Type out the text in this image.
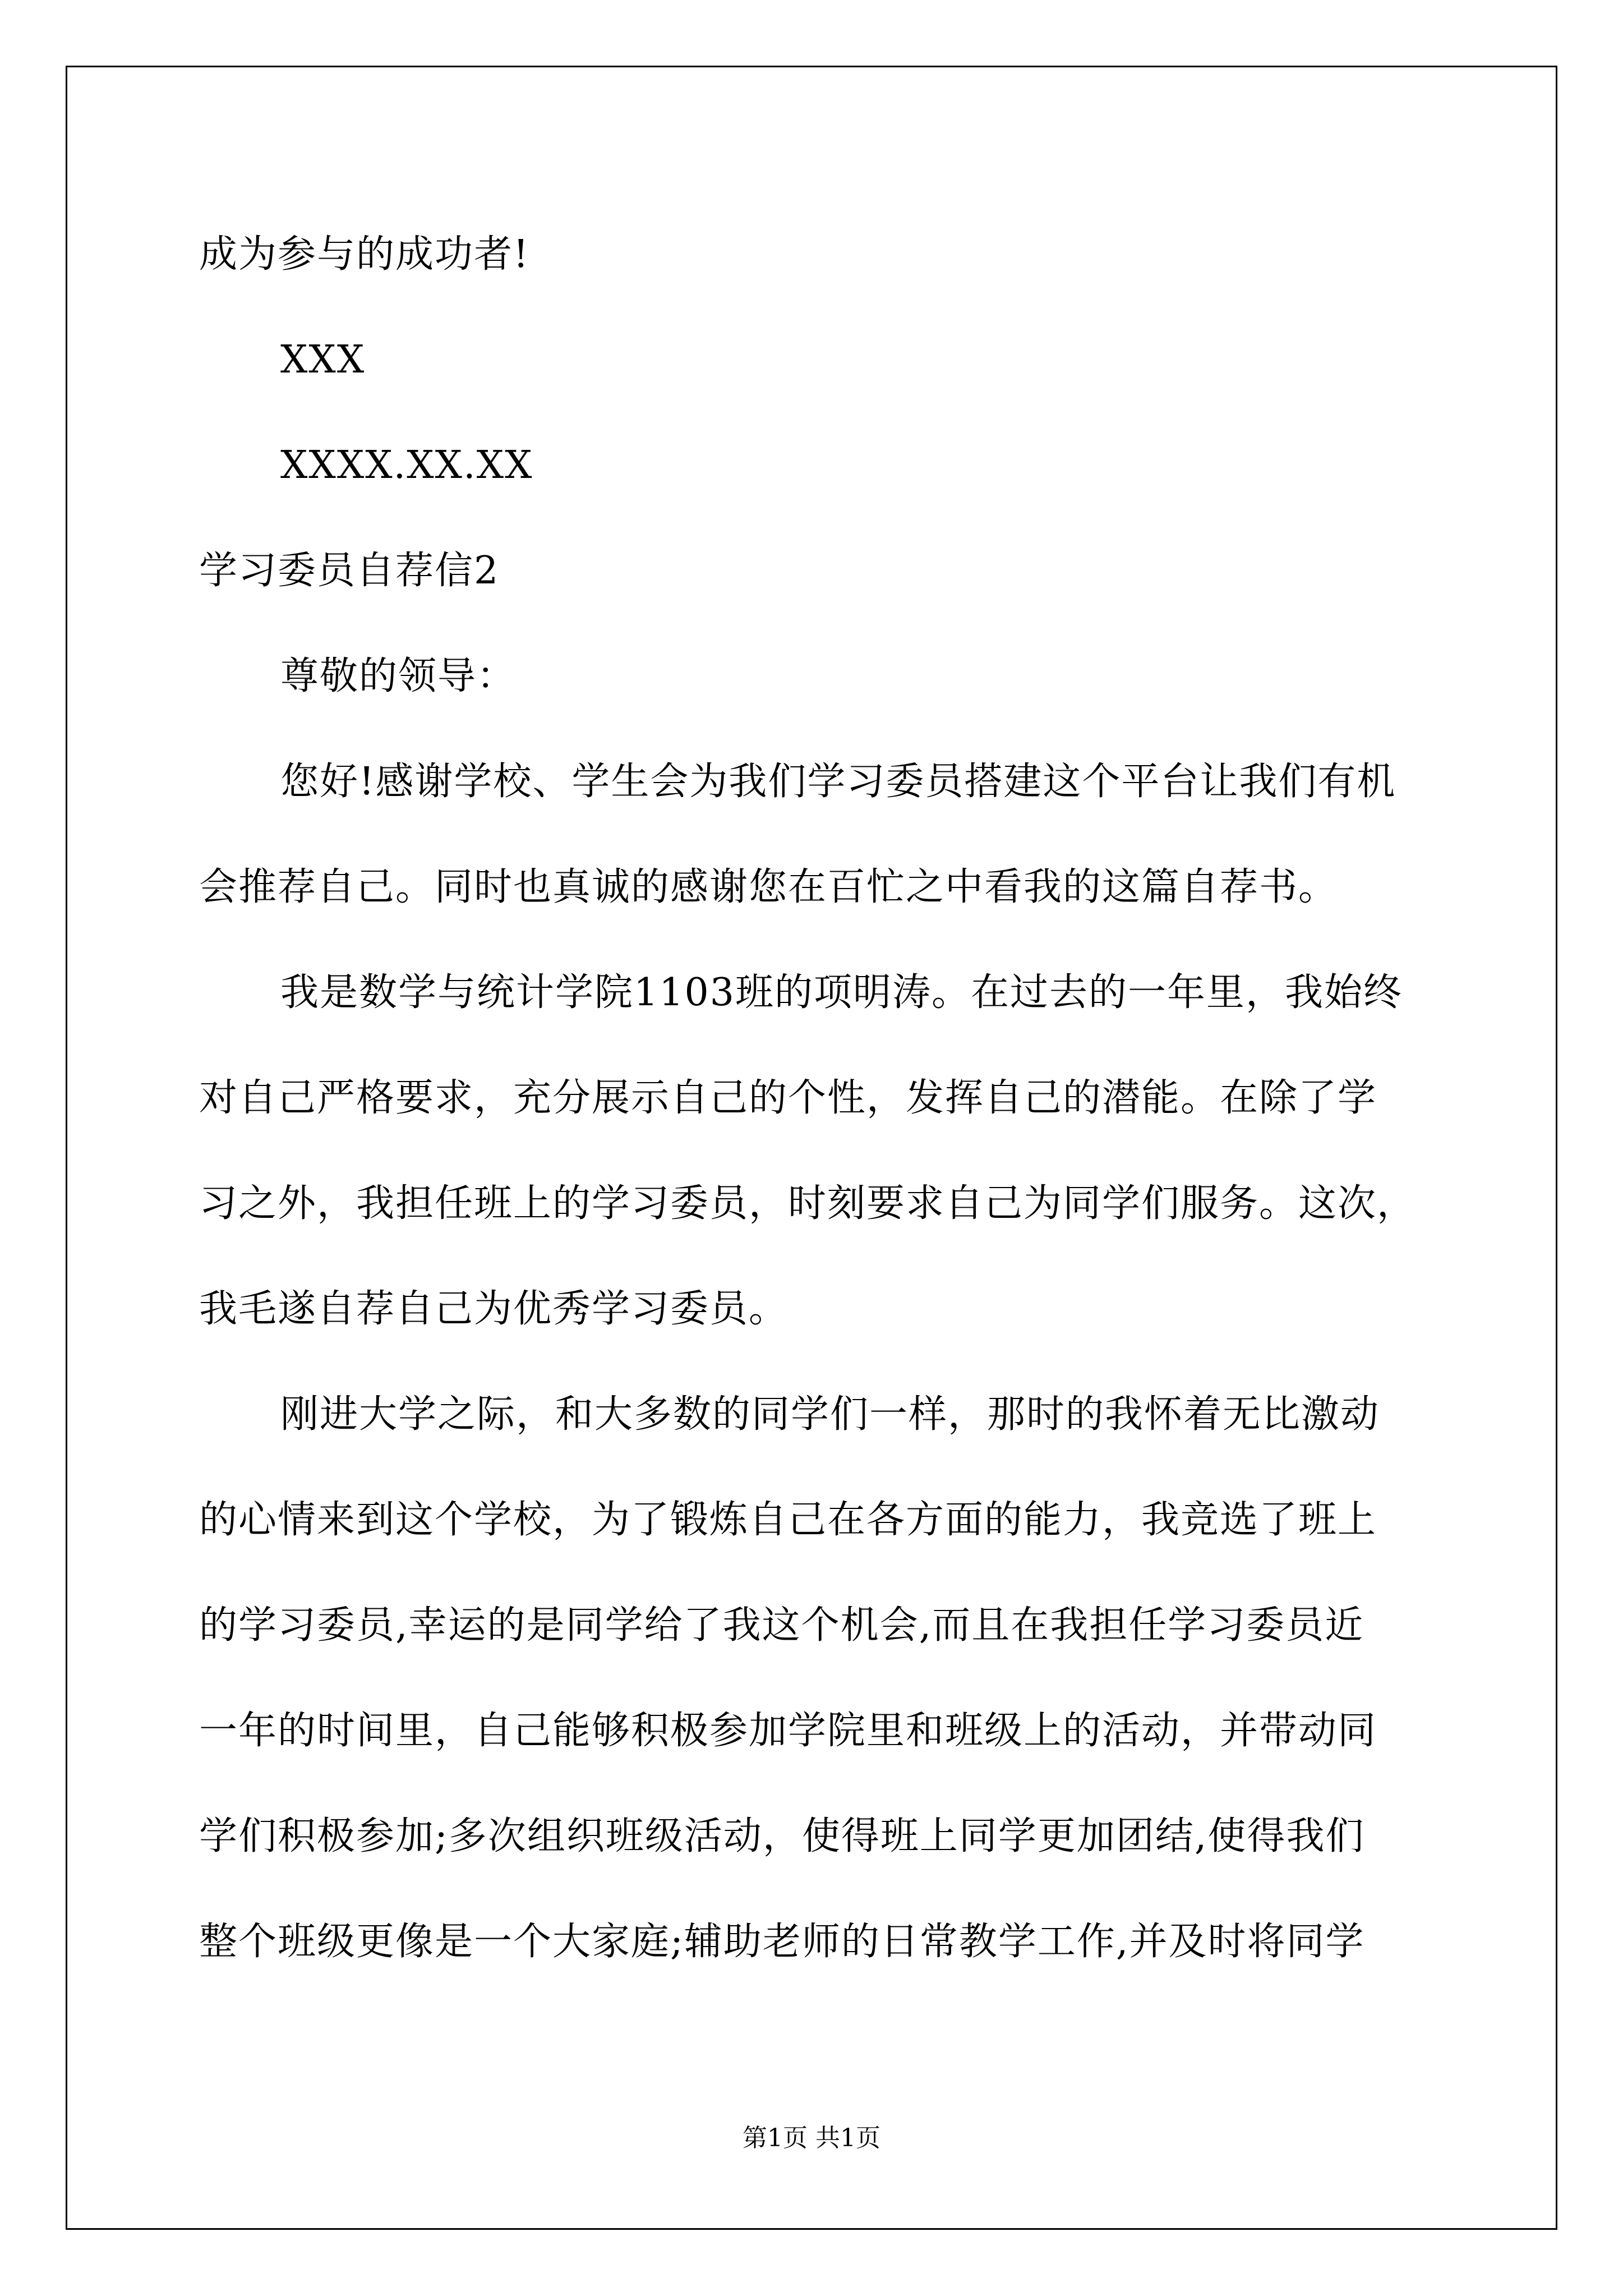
成为参与的成功者!
XXX
XXXX.XX.XX
学习委员自荐信2
尊敬的领导：
您好!感谢学校、学生会为我们学习委员搭建这个平台让我们有机
会推荐自己。同时也真诚的感谢您在百忙之中看我的这篇自荐书。
我是数学与统计学院1103班的项明涛。在过去的一年里，我始终
对自己严格要求，充分展示自己的个性，发挥自己的潜能。在除了学
习之外，我担任班上的学习委员，时刻要求自己为同学们服务。这次，
我毛遂自荐自己为优秀学习委员。
刚进大学之际，和大多数的同学们一样，那时的我怀着无比激动
的心情来到这个学校，为了锻炼自己在各方面的能力，我竞选了班上
的学习委员,幸运的是同学给了我这个机会,而且在我担任学习委员近
一年的时间里，自己能够积极参加学院里和班级上的活动，并带动同
学们积极参加;多次组织班级活动，使得班上同学更加团结,使得我们
整个班级更像是一个大家庭;辅助老师的日常教学工作,并及时将同学
第1页 共1页
